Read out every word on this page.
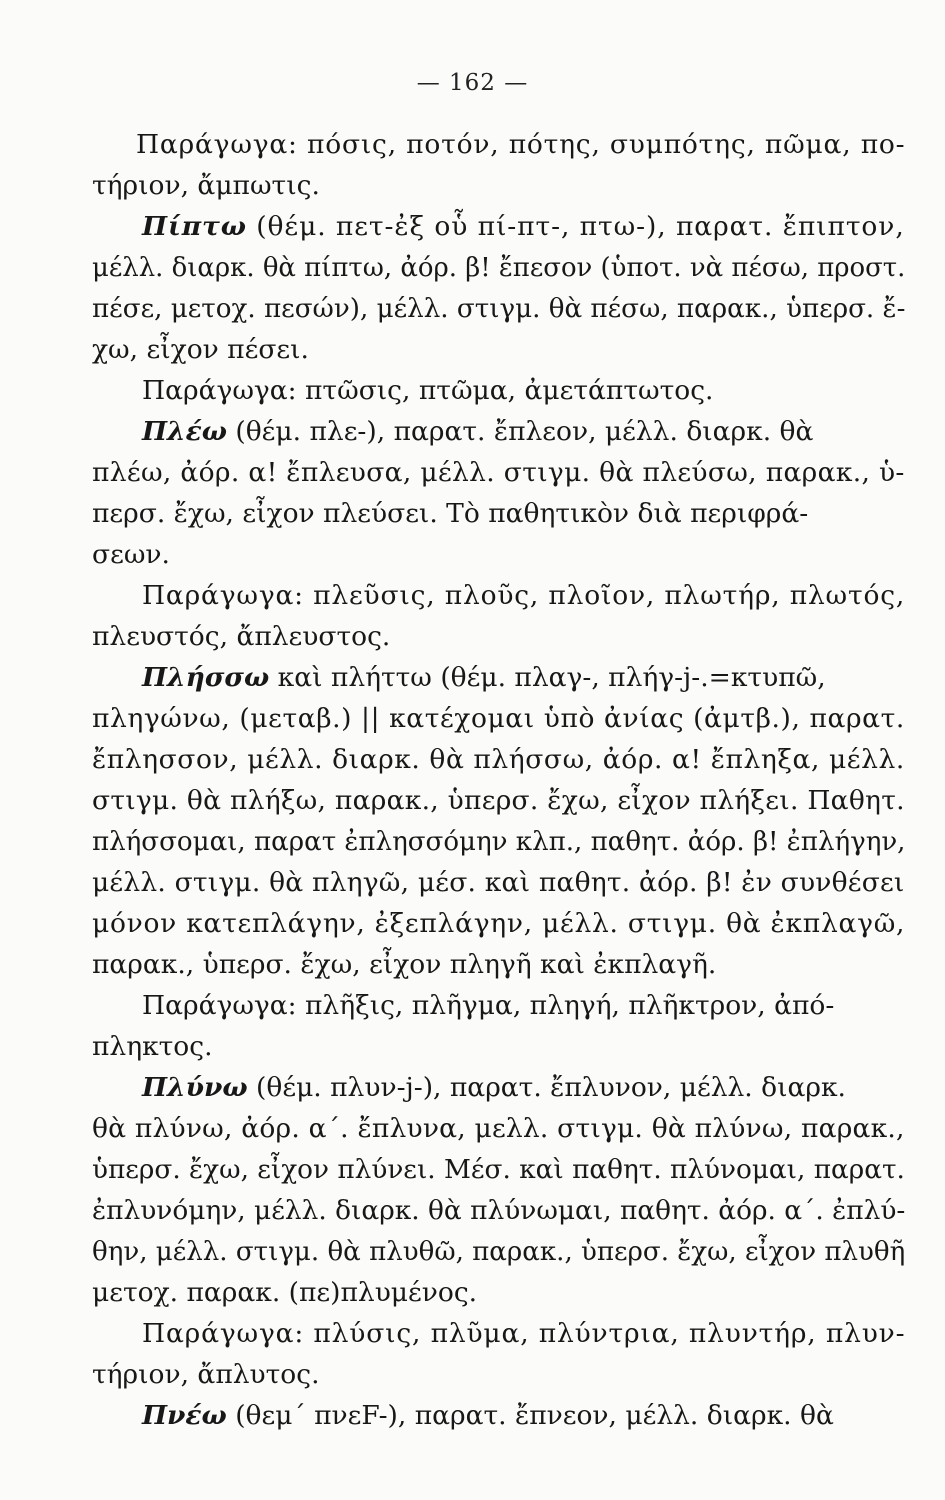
— 162 —
Παράγωγα: πόσις, ποτόν, πότης, συμπότης, πῶμα, πο-
τήριον, ἄμπωτις.
Πίπτω (θέμ. πετ-ἐξ οὗ πί-πτ-, πτω-), παρατ. ἔπιπτον,
μέλλ. διαρκ. θὰ πίπτω, ἀόρ. β! ἔπεσον (ὑποτ. νὰ πέσω, προστ.
πέσε, μετοχ. πεσών), μέλλ. στιγμ. θὰ πέσω, παρακ., ὑπερσ. ἔ-
χω, εἶχον πέσει.
Παράγωγα: πτῶσις, πτῶμα, ἀμετάπτωτος.
Πλέω (θέμ. πλε-), παρατ. ἔπλεον, μέλλ. διαρκ. θὰ
πλέω, ἀόρ. α! ἔπλευσα, μέλλ. στιγμ. θὰ πλεύσω, παρακ., ὑ-
περσ. ἔχω, εἶχον πλεύσει. Τὸ παθητικὸν διὰ περιφρά-
σεων.
Παράγωγα: πλεῦσις, πλοῦς, πλοῖον, πλωτήρ, πλωτός,
πλευστός, ἄπλευστος.
Πλήσσω καὶ πλήττω (θέμ. πλαγ-, πλήγ-j-.=κτυπῶ,
πληγώνω, (μεταβ.) || κατέχομαι ὑπὸ ἀνίας (ἀμτβ.), παρατ.
ἔπλησσον, μέλλ. διαρκ. θὰ πλήσσω, ἀόρ. α! ἔπληξα, μέλλ.
στιγμ. θὰ πλήξω, παρακ., ὑπερσ. ἔχω, εἶχον πλήξει. Παθητ.
πλήσσομαι, παρατ ἐπλησσόμην κλπ., παθητ. ἀόρ. β! ἐπλήγην,
μέλλ. στιγμ. θὰ πληγῶ, μέσ. καὶ παθητ. ἀόρ. β! ἐν συνθέσει
μόνον κατεπλάγην, ἐξεπλάγην, μέλλ. στιγμ. θὰ ἐκπλαγῶ,
παρακ., ὑπερσ. ἔχω, εἶχον πληγῆ καὶ ἐκπλαγῆ.
Παράγωγα: πλῆξις, πλῆγμα, πληγή, πλῆκτρον, ἀπό-
πληκτος.
Πλύνω (θέμ. πλυν-j-), παρατ. ἔπλυνον, μέλλ. διαρκ.
θὰ πλύνω, ἀόρ. α΄. ἔπλυνα, μελλ. στιγμ. θὰ πλύνω, παρακ.,
ὑπερσ. ἔχω, εἶχον πλύνει. Μέσ. καὶ παθητ. πλύνομαι, παρατ.
ἐπλυνόμην, μέλλ. διαρκ. θὰ πλύνωμαι, παθητ. ἀόρ. α΄. ἐπλύ-
θην, μέλλ. στιγμ. θὰ πλυθῶ, παρακ., ὑπερσ. ἔχω, εἶχον πλυθῆ
μετοχ. παρακ. (πε)πλυμένος.
Παράγωγα: πλύσις, πλῦμα, πλύντρια, πλυντήρ, πλυν-
τήριον, ἄπλυτος.
Πνέω (θεμ΄ πνεF-), παρατ. ἔπνεον, μέλλ. διαρκ. θὰ
